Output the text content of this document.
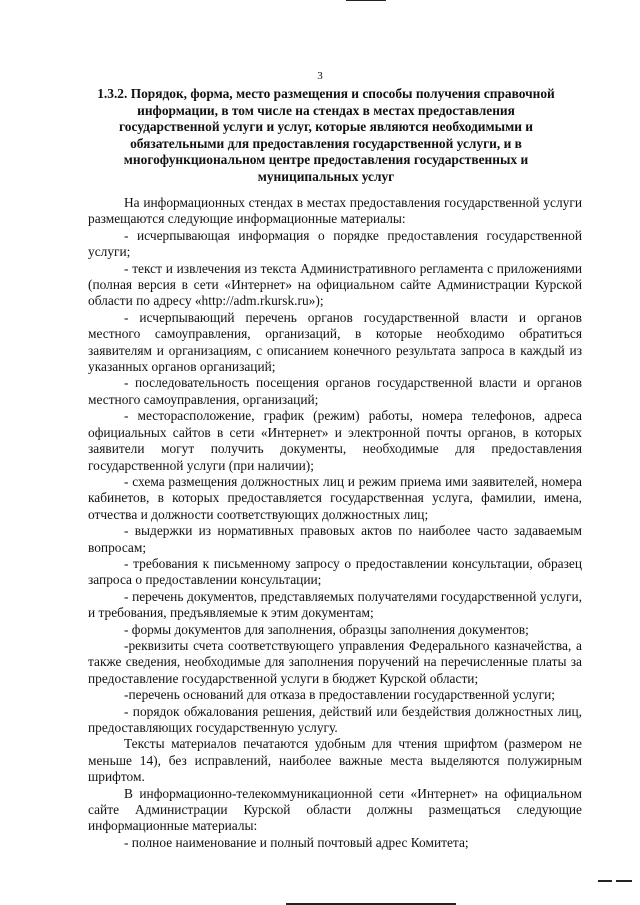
3
1.3.2. Порядок, форма, место размещения и способы получения справочной информации, в том числе на стендах в местах предоставления государственной услуги и услуг, которые являются необходимыми и обязательными для предоставления государственной услуги, и в многофункциональном центре предоставления государственных и муниципальных услуг

На информационных стендах в местах предоставления государственной услуги размещаются следующие информационные материалы:

- исчерпывающая информация о порядке предоставления государственной услуги;

- текст и извлечения из текста Административного регламента с приложениями (полная версия в сети «Интернет» на официальном сайте Администрации Курской области по адресу «http://adm.rkursk.ru»);

- исчерпывающий перечень органов государственной власти и органов местного самоуправления, организаций, в которые необходимо обратиться заявителям и организациям, с описанием конечного результата запроса в каждый из указанных органов организаций;

- последовательность посещения органов государственной власти и органов местного самоуправления, организаций;

- месторасположение, график (режим) работы, номера телефонов, адреса официальных сайтов в сети «Интернет» и электронной почты органов, в которых заявители могут получить документы, необходимые для предоставления государственной услуги (при наличии);

- схема размещения должностных лиц и режим приема ими заявителей, номера кабинетов, в которых предоставляется государственная услуга, фамилии, имена, отчества и должности соответствующих должностных лиц;

- выдержки из нормативных правовых актов по наиболее часто задаваемым вопросам;

- требования к письменному запросу о предоставлении консультации, образец запроса о предоставлении консультации;

- перечень документов, представляемых получателями государственной услуги, и требования, предъявляемые к этим документам;

- формы документов для заполнения, образцы заполнения документов;

-реквизиты счета соответствующего управления Федерального казначейства, а также сведения, необходимые для заполнения поручений на перечисленные платы за предоставление государственной услуги в бюджет Курской области;

-перечень оснований для отказа в предоставлении государственной услуги;

- порядок обжалования решения, действий или бездействия должностных лиц, предоставляющих государственную услугу.

Тексты материалов печатаются удобным для чтения шрифтом (размером не меньше 14), без исправлений, наиболее важные места выделяются полужирным шрифтом.

В информационно-телекоммуникационной сети «Интернет» на официальном сайте Администрации Курской области должны размещаться следующие информационные материалы:

- полное наименование и полный почтовый адрес Комитета;
